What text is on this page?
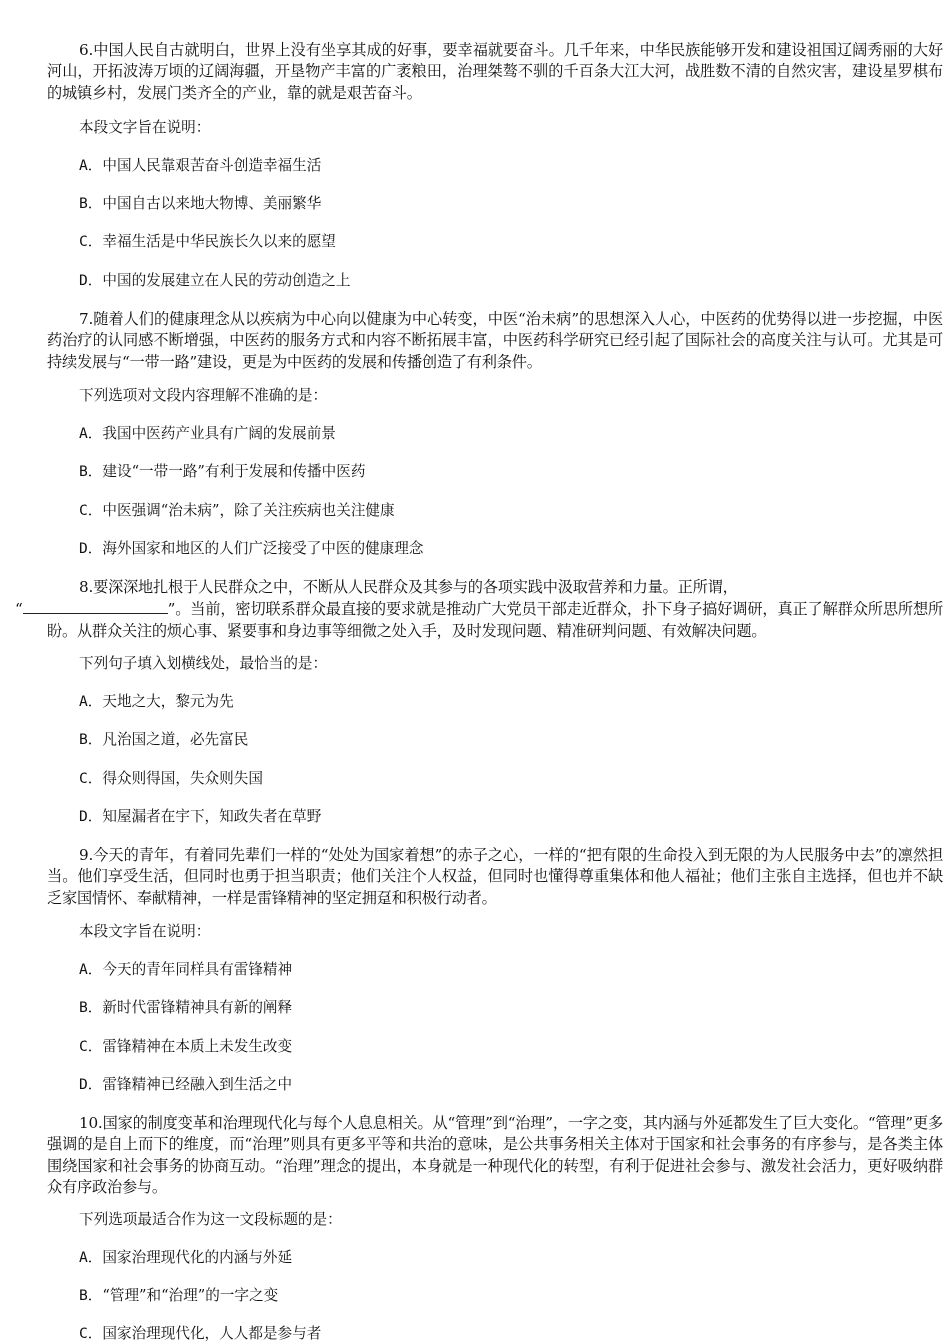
6.中国人民自古就明白，世界上没有坐享其成的好事，要幸福就要奋斗。几千年来，中华民族能够开发和建设祖国辽阔秀丽的大好河山，开拓波涛万顷的辽阔海疆，开垦物产丰富的广袤粮田，治理桀骜不驯的千百条大江大河，战胜数不清的自然灾害，建设星罗棋布的城镇乡村，发展门类齐全的产业，靠的就是艰苦奋斗。

本段文字旨在说明：

A．中国人民靠艰苦奋斗创造幸福生活

B．中国自古以来地大物博、美丽繁华

C．幸福生活是中华民族长久以来的愿望

D．中国的发展建立在人民的劳动创造之上

7.随着人们的健康理念从以疾病为中心向以健康为中心转变，中医“治未病”的思想深入人心，中医药的优势得以进一步挖掘，中医药治疗的认同感不断增强，中医药的服务方式和内容不断拓展丰富，中医药科学研究已经引起了国际社会的高度关注与认可。尤其是可持续发展与“一带一路”建设，更是为中医药的发展和传播创造了有利条件。

下列选项对文段内容理解不准确的是：

A．我国中医药产业具有广阔的发展前景

B．建设“一带一路”有利于发展和传播中医药

C．中医强调“治未病”，除了关注疾病也关注健康

D．海外国家和地区的人们广泛接受了中医的健康理念

8.要深深地扎根于人民群众之中，不断从人民群众及其参与的各项实践中汲取营养和力量。正所谓，
“	”。当前，密切联系群众最直接的要求就是推动广大党员干部走近群众，扑下身子搞好调研，真正了解群众所思所想所盼。从群众关注的烦心事、紧要事和身边事等细微之处入手，及时发现问题、精准研判问题、有效解决问题。

下列句子填入划横线处，最恰当的是：

A．天地之大，黎元为先

B．凡治国之道，必先富民

C．得众则得国，失众则失国

D．知屋漏者在宇下，知政失者在草野

9.今天的青年，有着同先辈们一样的“处处为国家着想”的赤子之心，一样的“把有限的生命投入到无限的为人民服务中去”的凛然担当。他们享受生活，但同时也勇于担当职责；他们关注个人权益，但同时也懂得尊重集体和他人福祉；他们主张自主选择，但也并不缺乏家国情怀、奉献精神，一样是雷锋精神的坚定拥趸和积极行动者。

本段文字旨在说明：

A．今天的青年同样具有雷锋精神

B．新时代雷锋精神具有新的阐释

C．雷锋精神在本质上未发生改变

D．雷锋精神已经融入到生活之中

10.国家的制度变革和治理现代化与每个人息息相关。从“管理”到“治理”，一字之变，其内涵与外延都发生了巨大变化。“管理”更多强调的是自上而下的维度，而“治理”则具有更多平等和共治的意味，是公共事务相关主体对于国家和社会事务的有序参与，是各类主体围绕国家和社会事务的协商互动。“治理”理念的提出，本身就是一种现代化的转型，有利于促进社会参与、激发社会活力，更好吸纳群众有序政治参与。

下列选项最适合作为这一文段标题的是：

A．国家治理现代化的内涵与外延

B．“管理”和“治理”的一字之变

C．国家治理现代化，人人都是参与者
